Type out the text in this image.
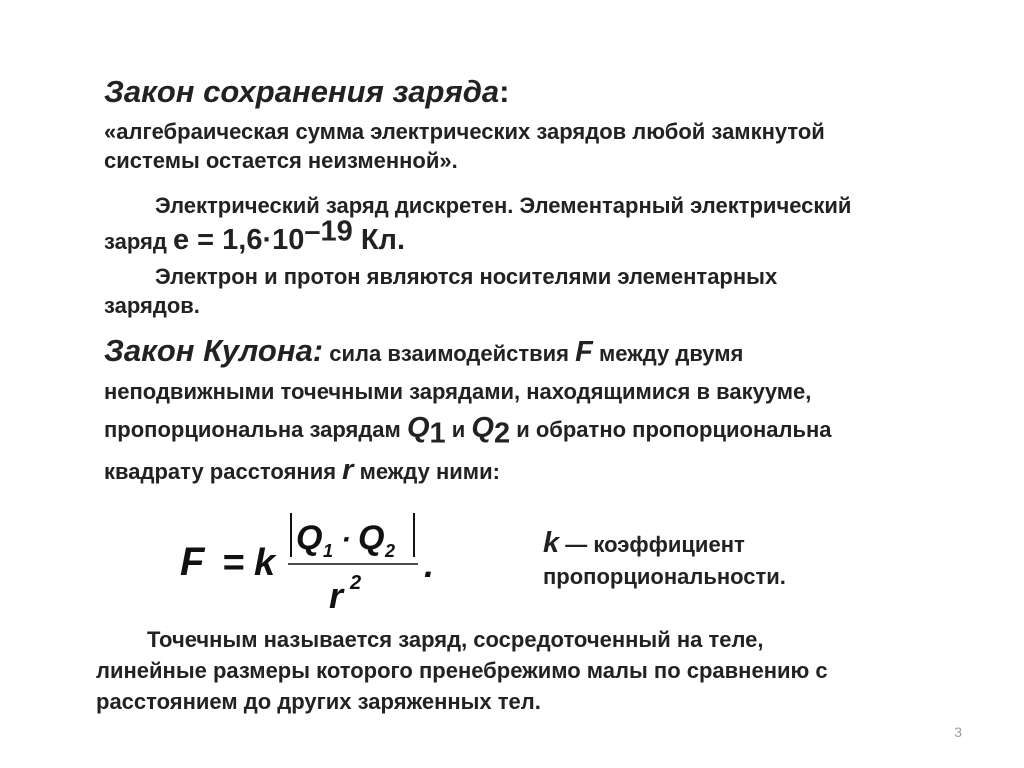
Закон сохранения заряда:
«алгебраическая сумма электрических зарядов любой замкнутой
системы остается неизменной».
Электрический заряд дискретен. Элементарный электрический
заряд $e = 1,6\cdot 10^{-19}$ Кл.
Электрон и протон являются носителями элементарных
зарядов.
Закон Кулона: сила взаимодействия F между двумя
неподвижными точечными зарядами, находящимися в вакууме,
пропорциональна зарядам $Q_1$ и $Q_2$ и обратно пропорциональна
квадрату расстояния r между ними:
F = k
Q 1 · Q 2
r 2 .
k — коэффициент
пропорциональности.
Точечным называется заряд, сосредоточенный на теле,
линейные размеры которого пренебрежимо малы по сравнению с
расстоянием до других заряженных тел.
3
